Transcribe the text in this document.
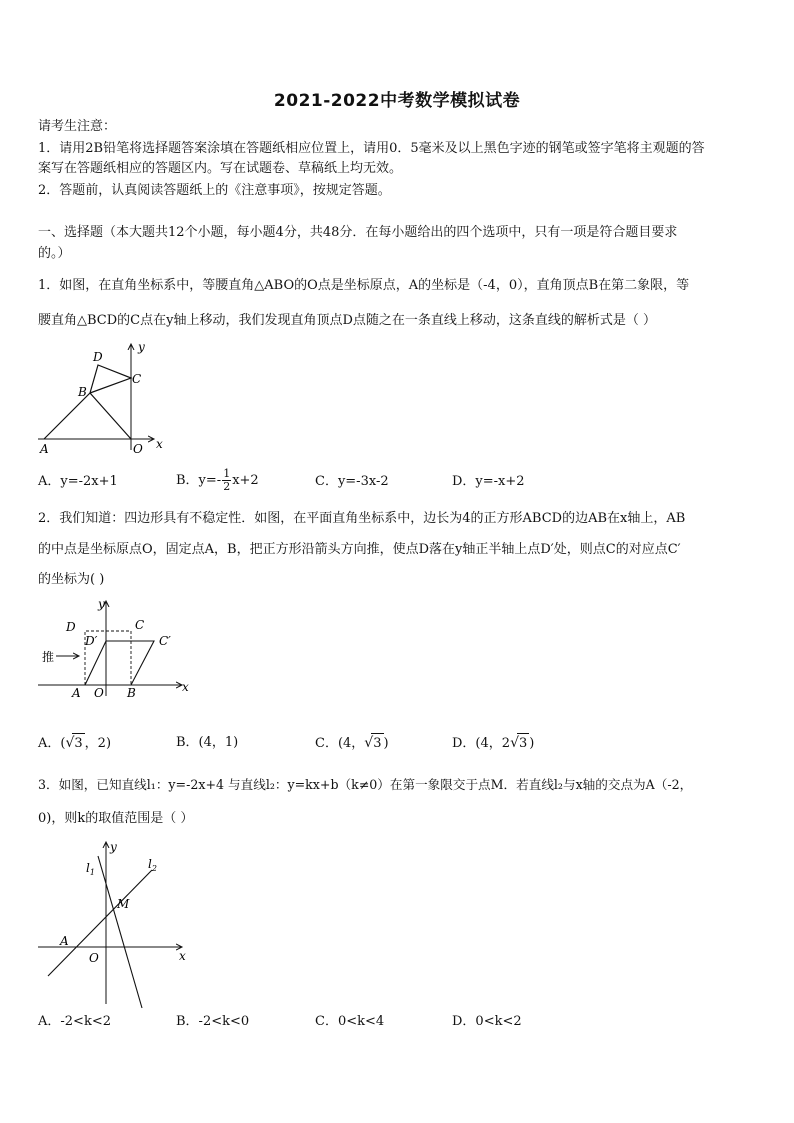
2021-2022中考数学模拟试卷
请考生注意：
1．请用2B铅笔将选择题答案涂填在答题纸相应位置上，请用0．5毫米及以上黑色字迹的钢笔或签字笔将主观题的答
案写在答题纸相应的答题区内。写在试题卷、草稿纸上均无效。
2．答题前，认真阅读答题纸上的《注意事项》，按规定答题。
一、选择题（本大题共12个小题，每小题4分，共48分．在每小题给出的四个选项中，只有一项是符合题目要求
的。）
1．如图，在直角坐标系中，等腰直角△ABO的O点是坐标原点，A的坐标是（-4，0），直角顶点B在第二象限，等
腰直角△BCD的C点在y轴上移动，我们发现直角顶点D点随之在一条直线上移动，这条直线的解析式是（ ）
D
C
B
A	O x
y
A．y=-2x+1	B．$y=- \frac{1}{2} x+2$	C．y=-3x-2	D．y=-x+2
2．我们知道：四边形具有不稳定性．如图，在平面直角坐标系中，边长为4的正方形ABCD的边AB在x轴上，AB
的中点是坐标原点O，固定点A，B，把正方形沿箭头方向推，使点D落在y轴正半轴上点D′处，则点C的对应点C′
的坐标为( )
y
D	C
D′	C′
推
A O B	x
A．(√3 ，2)	B．(4，1)	C．(4，√3 )	D．(4，2√3 )
3．如图，已知直线l₁：y=-2x+4 与直线l₂：y=kx+b（k≠0）在第一象限交于点M．若直线l₂与x轴的交点为A（-2，
0)，则k的取值范围是（ ）
y
$l_1$
$l_2$
M
A
O	x
A．-2<k<2	B．-2<k<0	C．0<k<4	D．0<k<2
